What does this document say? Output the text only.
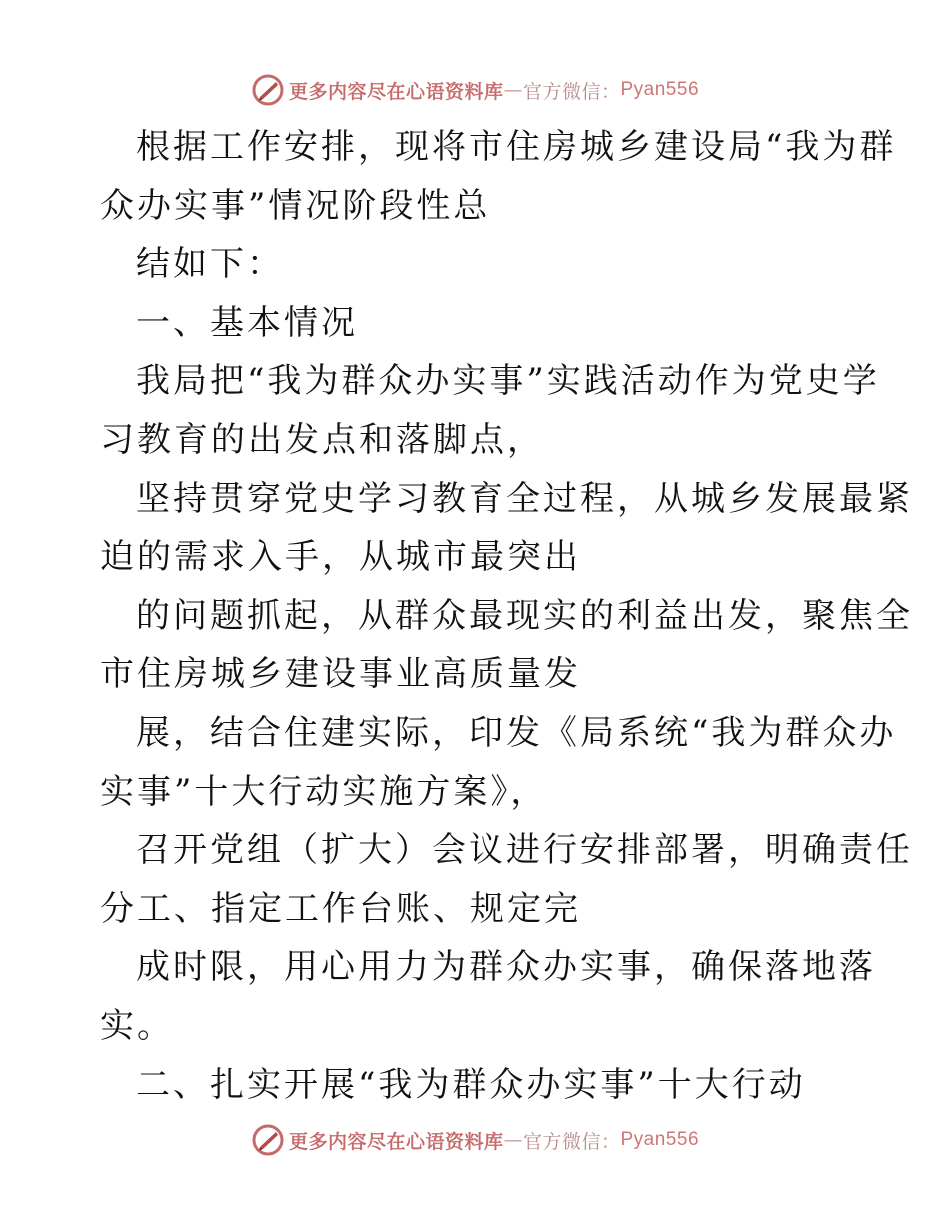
更多内容尽在心语资料库 — 官方微信： Pyan556
根据工作安排，现将市住房城乡建设局“我为群
众办实事”情况阶段性总
结如下：
一、基本情况
我局把“我为群众办实事”实践活动作为党史学
习教育的出发点和落脚点，
坚持贯穿党史学习教育全过程，从城乡发展最紧
迫的需求入手，从城市最突出
的问题抓起，从群众最现实的利益出发，聚焦全
市住房城乡建设事业高质量发
展，结合住建实际，印发《局系统“我为群众办
实事”十大行动实施方案》，
召开党组（扩大）会议进行安排部署，明确责任
分工、指定工作台账、规定完
成时限，用心用力为群众办实事，确保落地落
实。
二、扎实开展“我为群众办实事”十大行动
更多内容尽在心语资料库 — 官方微信： Pyan556
